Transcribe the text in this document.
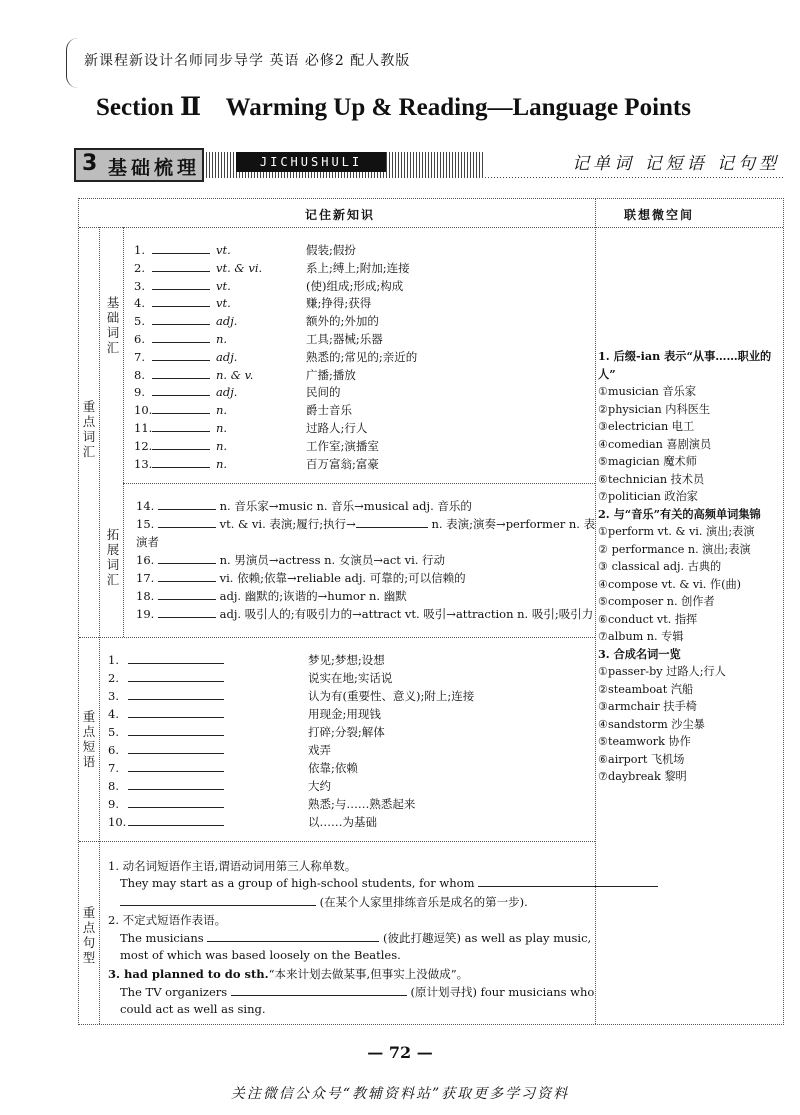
新课程新设计名师同步导学 英语 必修2 配人教版
Section Ⅱ    Warming Up & Reading—Language Points
3 基础梳理	JICHUSHULI	记单词 记短语 记句型
记住新知识	联想微空间
重点词汇
基础词汇
拓展词汇
重点短语
重点句型
1.	vt.	假装;假扮
2.	vt. & vi.	系上;缚上;附加;连接
3.	vt.	(使)组成;形成;构成
4.	vt.	赚;挣得;获得
5.	adj.	额外的;外加的
6.	n.	工具;器械;乐器
7.	adj.	熟悉的;常见的;亲近的
8.	n. & v.	广播;播放
9.	adj.	民间的
10.	n.	爵士音乐
11.	n.	过路人;行人
12.	n.	工作室;演播室
13.	n.	百万富翁;富豪
14.	n. 音乐家→music n. 音乐→musical adj. 音乐的
15.	vt. & vi. 表演;履行;执行→	n. 表演;演奏→performer n. 表
演者
16.	n. 男演员→actress n. 女演员→act vi. 行动
17.	vi. 依赖;依靠→reliable adj. 可靠的;可以信赖的
18.	adj. 幽默的;诙谐的→humor n. 幽默
19.	adj. 吸引人的;有吸引力的→attract vt. 吸引→attraction n. 吸引;吸引力
1.	梦见;梦想;设想
2.	说实在地;实话说
3.	认为有(重要性、意义);附上;连接
4.	用现金;用现钱
5.	打碎;分裂;解体
6.	戏弄
7.	依靠;依赖
8.	大约
9.	熟悉;与……熟悉起来
10.	以……为基础
1. 动名词短语作主语,谓语动词用第三人称单数。
They may start as a group of high-school students, for whom
(在某个人家里排练音乐是成名的第一步).
2. 不定式短语作表语。
The musicians	(彼此打趣逗笑) as well as play music,
most of which was based loosely on the Beatles.
3. had planned to do sth.“本来计划去做某事,但事实上没做成”。
The TV organizers	(原计划寻找) four musicians who
could act as well as sing.
1. 后缀-ian 表示“从事……职业的人”
①musician 音乐家
②physician 内科医生
③electrician 电工
④comedian 喜剧演员
⑤magician 魔术师
⑥technician 技术员
⑦politician 政治家
2. 与“音乐”有关的高频单词集锦
①perform vt. & vi. 演出;表演
② performance n. 演出;表演
③ classical adj. 古典的
④compose vt. & vi. 作(曲)
⑤composer n. 创作者
⑥conduct vt. 指挥
⑦album n. 专辑
3. 合成名词一览
①passer-by 过路人;行人
②steamboat 汽船
③armchair 扶手椅
④sandstorm 沙尘暴
⑤teamwork 协作
⑥airport 飞机场
⑦daybreak 黎明
— 72 —
关注微信公众号“教辅资料站”获取更多学习资料
